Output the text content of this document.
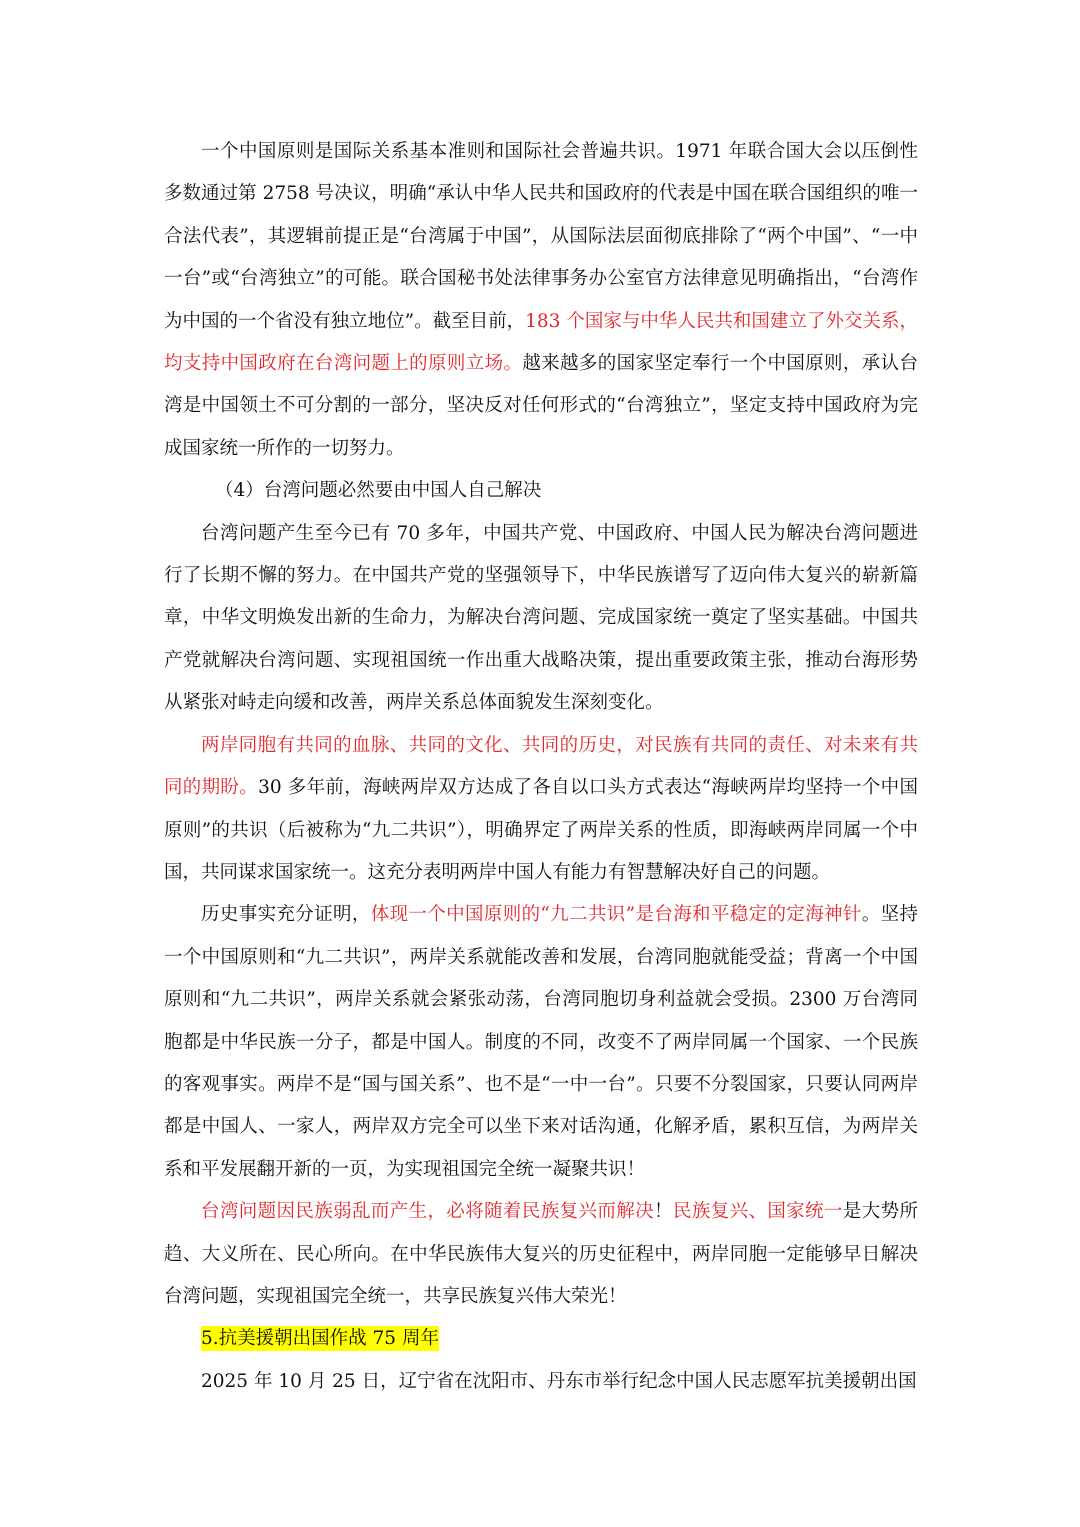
一个中国原则是国际关系基本准则和国际社会普遍共识。1971 年联合国大会以压倒性多数通过第 2758 号决议，明确“承认中华人民共和国政府的代表是中国在联合国组织的唯一合法代表”，其逻辑前提正是“台湾属于中国”，从国际法层面彻底排除了“两个中国”、“一中一台”或“台湾独立”的可能。联合国秘书处法律事务办公室官方法律意见明确指出，“台湾作为中国的一个省没有独立地位”。截至目前，183 个国家与中华人民共和国建立了外交关系，均支持中国政府在台湾问题上的原则立场。越来越多的国家坚定奉行一个中国原则，承认台湾是中国领土不可分割的一部分，坚决反对任何形式的“台湾独立”，坚定支持中国政府为完成国家统一所作的一切努力。

（4）台湾问题必然要由中国人自己解决

台湾问题产生至今已有 70 多年，中国共产党、中国政府、中国人民为解决台湾问题进行了长期不懈的努力。在中国共产党的坚强领导下，中华民族谱写了迈向伟大复兴的崭新篇章，中华文明焕发出新的生命力，为解决台湾问题、完成国家统一奠定了坚实基础。中国共产党就解决台湾问题、实现祖国统一作出重大战略决策，提出重要政策主张，推动台海形势从紧张对峙走向缓和改善，两岸关系总体面貌发生深刻变化。

两岸同胞有共同的血脉、共同的文化、共同的历史，对民族有共同的责任、对未来有共同的期盼。30 多年前，海峡两岸双方达成了各自以口头方式表达“海峡两岸均坚持一个中国原则”的共识（后被称为“九二共识”），明确界定了两岸关系的性质，即海峡两岸同属一个中国，共同谋求国家统一。这充分表明两岸中国人有能力有智慧解决好自己的问题。

历史事实充分证明，体现一个中国原则的“九二共识”是台海和平稳定的定海神针。坚持一个中国原则和“九二共识”，两岸关系就能改善和发展，台湾同胞就能受益；背离一个中国原则和“九二共识”，两岸关系就会紧张动荡，台湾同胞切身利益就会受损。2300 万台湾同胞都是中华民族一分子，都是中国人。制度的不同，改变不了两岸同属一个国家、一个民族的客观事实。两岸不是“国与国关系”、也不是“一中一台”。只要不分裂国家，只要认同两岸都是中国人、一家人，两岸双方完全可以坐下来对话沟通，化解矛盾，累积互信，为两岸关系和平发展翻开新的一页，为实现祖国完全统一凝聚共识！

台湾问题因民族弱乱而产生，必将随着民族复兴而解决！民族复兴、国家统一是大势所趋、大义所在、民心所向。在中华民族伟大复兴的历史征程中，两岸同胞一定能够早日解决台湾问题，实现祖国完全统一，共享民族复兴伟大荣光！

5.抗美援朝出国作战 75 周年

2025 年 10 月 25 日，辽宁省在沈阳市、丹东市举行纪念中国人民志愿军抗美援朝出国
